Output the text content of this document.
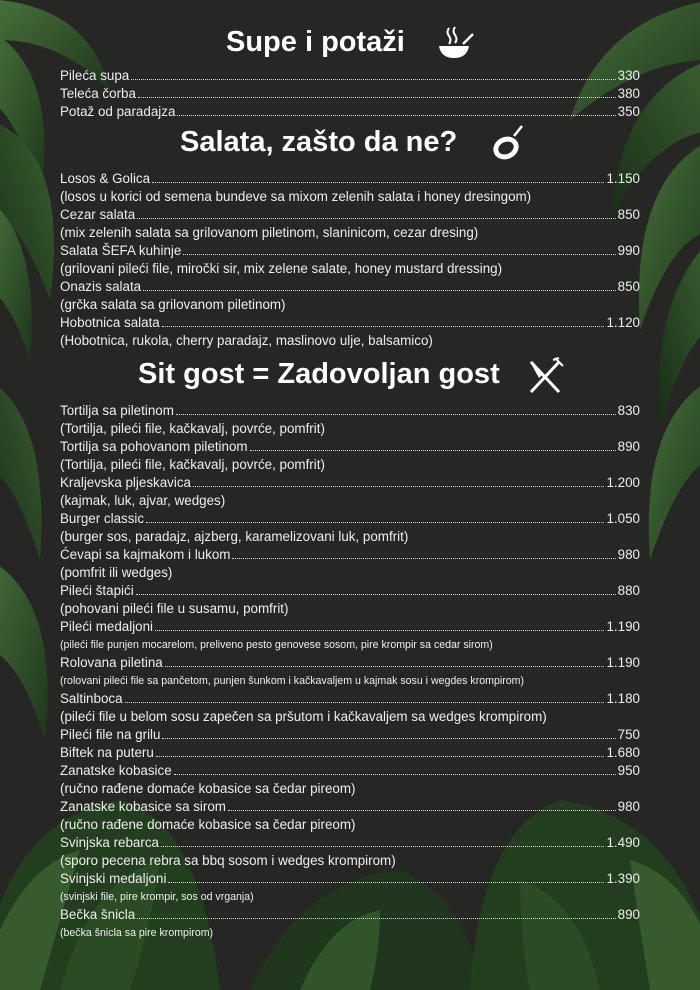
Supe i potaži
Pileća supa	330
Teleća čorba	380
Potaž od paradajza	350
Salata, zašto da ne?
Losos & Golica	1.150
(losos u korici od semena bundeve sa mixom zelenih salata i honey dresingom)
Cezar salata	850
(mix zelenih salata sa grilovanom piletinom, slaninicom, cezar dresing)
Salata ŠEFA kuhinje	990
(grilovani pileći file, miročki sir, mix zelene salate, honey mustard dressing)
Onazis salata	850
(grčka salata sa grilovanom piletinom)
Hobotnica salata	1.120
(Hobotnica, rukola, cherry paradajz, maslinovo ulje, balsamico)
Sit gost = Zadovoljan gost
Tortilja sa piletinom	830
(Tortilja, pileći file, kačkavalj, povrće, pomfrit)
Tortilja sa pohovanom piletinom	890
(Tortilja, pileći file, kačkavalj, povrće, pomfrit)
Kraljevska pljeskavica	1.200
(kajmak, luk, ajvar, wedges)
Burger classic	1.050
(burger sos, paradajz, ajzberg, karamelizovani luk, pomfrit)
Ćevapi sa kajmakom i lukom	980
(pomfrit ili wedges)
Pileći štapići	880
(pohovani pileći file u susamu, pomfrit)
Pileći medaljoni	1.190
(pileći file punjen mocarelom, preliveno pesto genovese sosom, pire krompir sa cedar sirom)
Rolovana piletina	1.190
(rolovani pileći file sa pančetom, punjen šunkom i kačkavaljem u kajmak sosu i wegdes krompirom)
Saltinboca	1.180
(pileći file u belom sosu zapečen sa pršutom i kačkavaljem sa wedges krompirom)
Pileći file na grilu	750
Biftek na puteru	1.680
Zanatske kobasice	950
(ručno rađene domaće kobasice sa čedar pireom)
Zanatske kobasice sa sirom	980
(ručno rađene domaće kobasice sa čedar pireom)
Svinjska rebarca	1.490
(sporo pecena rebra sa bbq sosom i wedges krompirom)
Svinjski medaljoni	1.390
(svinjski file, pire krompir, sos od vrganja)
Bečka šnicla	890
(bečka šnicla sa pire krompirom)
